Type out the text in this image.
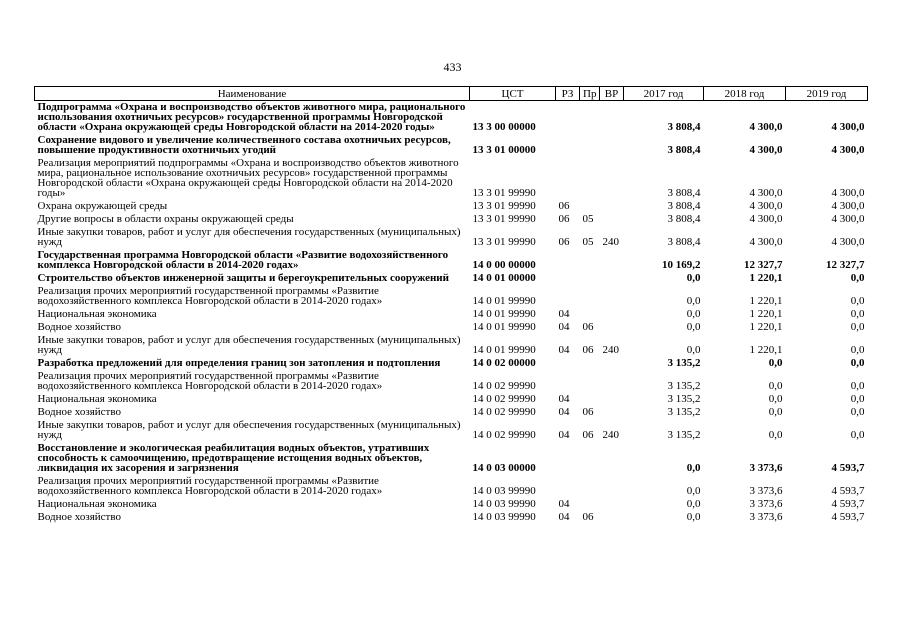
433
Наименование	ЦСТ	РЗ	Пр	ВР	2017 год	2018 год	2019 год
Подпрограмма «Охрана и воспроизводство объектов животного мира, рационального использования охотничьих ресурсов» государственной программы Новгородской области «Охрана окружающей среды Новгородской области на 2014-2020 годы»	13 3 00 00000				3 808,4	4 300,0	4 300,0
Сохранение видового и увеличение количественного состава охотничьих ресурсов, повышение продуктивности охотничьих угодий	13 3 01 00000				3 808,4	4 300,0	4 300,0
Реализация мероприятий подпрограммы «Охрана и воспроизводство объектов животного мира, рациональное использование охотничьих ресурсов» государственной программы Новгородской области «Охрана окружающей среды Новгородской области на 2014-2020 годы»	13 3 01 99990				3 808,4	4 300,0	4 300,0
Охрана окружающей среды	13 3 01 99990	06			3 808,4	4 300,0	4 300,0
Другие вопросы в области охраны окружающей среды	13 3 01 99990	06	05		3 808,4	4 300,0	4 300,0
Иные закупки товаров, работ и услуг для обеспечения государственных (муниципальных) нужд	13 3 01 99990	06	05	240	3 808,4	4 300,0	4 300,0
Государственная программа Новгородской области «Развитие водохозяйственного комплекса Новгородской области в 2014-2020 годах»	14 0 00 00000				10 169,2	12 327,7	12 327,7
Строительство объектов инженерной защиты и берегоукрепительных сооружений	14 0 01 00000				0,0	1 220,1	0,0
Реализация прочих мероприятий государственной программы «Развитие водохозяйственного комплекса Новгородской области в 2014-2020 годах»	14 0 01 99990				0,0	1 220,1	0,0
Национальная экономика	14 0 01 99990	04			0,0	1 220,1	0,0
Водное хозяйство	14 0 01 99990	04	06		0,0	1 220,1	0,0
Иные закупки товаров, работ и услуг для обеспечения государственных (муниципальных) нужд	14 0 01 99990	04	06	240	0,0	1 220,1	0,0
Разработка предложений для определения границ зон затопления и подтопления	14 0 02 00000				3 135,2	0,0	0,0
Реализация прочих мероприятий государственной программы «Развитие водохозяйственного комплекса Новгородской области в 2014-2020 годах»	14 0 02 99990				3 135,2	0,0	0,0
Национальная экономика	14 0 02 99990	04			3 135,2	0,0	0,0
Водное хозяйство	14 0 02 99990	04	06		3 135,2	0,0	0,0
Иные закупки товаров, работ и услуг для обеспечения государственных (муниципальных) нужд	14 0 02 99990	04	06	240	3 135,2	0,0	0,0
Восстановление и экологическая реабилитация водных объектов, утративших способность к самоочищению, предотвращение истощения водных объектов, ликвидация их засорения и загрязнения	14 0 03 00000				0,0	3 373,6	4 593,7
Реализация прочих мероприятий государственной программы «Развитие водохозяйственного комплекса Новгородской области в 2014-2020 годах»	14 0 03 99990				0,0	3 373,6	4 593,7
Национальная экономика	14 0 03 99990	04			0,0	3 373,6	4 593,7
Водное хозяйство	14 0 03 99990	04	06		0,0	3 373,6	4 593,7
